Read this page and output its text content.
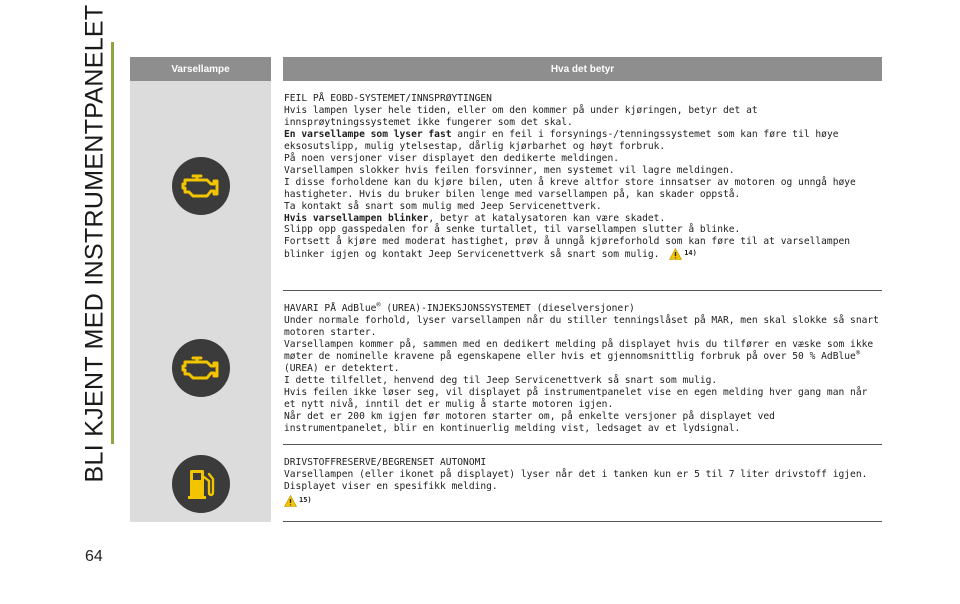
BLI KJENT MED INSTRUMENTPANELET	Varsellampe	Hva det betyr

FEIL PÅ EOBD-SYSTEMET/INNSPRØYTINGEN

Hvis lampen lyser hele tiden, eller om den kommer på under kjøringen, betyr det at innsprøytningssystemet ikke fungerer som det skal.

En varsellampe som lyser fast angir en feil i forsynings-/tenningssystemet som kan føre til høye eksosutslipp, mulig ytelsestap, dårlig kjørbarhet og høyt forbruk.

På noen versjoner viser displayet den dedikerte meldingen.

Varsellampen slokker hvis feilen forsvinner, men systemet vil lagre meldingen.

I disse forholdene kan du kjøre bilen, uten å kreve altfor store innsatser av motoren og unngå høye hastigheter. Hvis du bruker bilen lenge med varsellampen på, kan skader oppstå.

Ta kontakt så snart som mulig med Jeep Servicenettverk.

Hvis varsellampen blinker, betyr at katalysatoren kan være skadet.

Slipp opp gasspedalen for å senke turtallet, til varsellampen slutter å blinke.

Fortsett å kjøre med moderat hastighet, prøv å unngå kjøreforhold som kan føre til at varsellampen blinker igjen og kontakt Jeep Servicenettverk så snart som mulig.	14)

HAVARI PÅ AdBlue® (UREA)-INJEKSJONSSYSTEMET (dieselversjoner)

Under normale forhold, lyser varsellampen når du stiller tenningslåset på MAR, men skal slokke så snart motoren starter.

Varsellampen kommer på, sammen med en dedikert melding på displayet hvis du tilfører en væske som ikke møter de nominelle kravene på egenskapene eller hvis et gjennomsnittlig forbruk på over 50 % AdBlue® (UREA) er detektert.

I dette tilfellet, henvend deg til Jeep Servicenettverk så snart som mulig.

Hvis feilen ikke løser seg, vil displayet på instrumentpanelet vise en egen melding hver gang man når et nytt nivå, inntil det er mulig å starte motoren igjen.

Når det er 200 km igjen før motoren starter om, på enkelte versjoner på displayet ved instrumentpanelet, blir en kontinuerlig melding vist, ledsaget av et lydsignal.

DRIVSTOFFRESERVE/BEGRENSET AUTONOMI

Varsellampen (eller ikonet på displayet) lyser når det i tanken kun er 5 til 7 liter drivstoff igjen. Displayet viser en spesifikk melding.

15)

64
